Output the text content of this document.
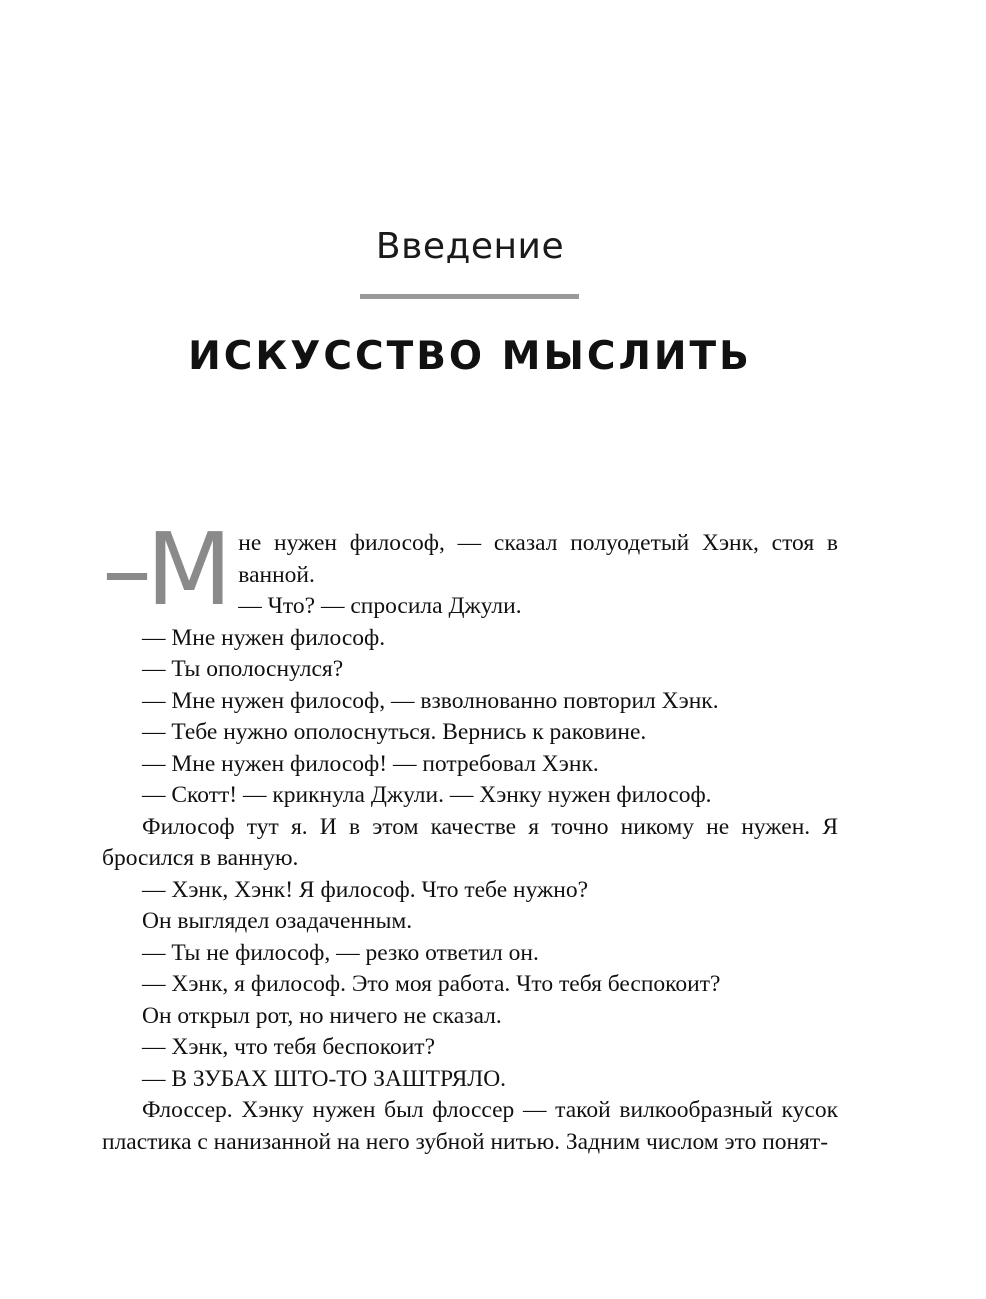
Введение
ИСКУССТВО МЫСЛИТЬ

–М не нужен философ, — сказал полуодетый Хэнк, стоя в ванной.

— Что? — спросила Джули.

— Мне нужен философ.

— Ты ополоснулся?

— Мне нужен философ, — взволнованно повторил Хэнк.

— Тебе нужно ополоснуться. Вернись к раковине.

— Мне нужен философ! — потребовал Хэнк.

— Скотт! — крикнула Джули. — Хэнку нужен философ.

Философ тут я. И в этом качестве я точно никому не нужен. Я бросился в ванную.

— Хэнк, Хэнк! Я философ. Что тебе нужно?

Он выглядел озадаченным.

— Ты не философ, — резко ответил он.

— Хэнк, я философ. Это моя работа. Что тебя беспокоит?

Он открыл рот, но ничего не сказал.

— Хэнк, что тебя беспокоит?

— В ЗУБАХ ШТО-ТО ЗАШТРЯЛО.

Флоссер. Хэнку нужен был флоссер — такой вилкообразный кусок пластика с нанизанной на него зубной нитью. Задним числом это понят-
